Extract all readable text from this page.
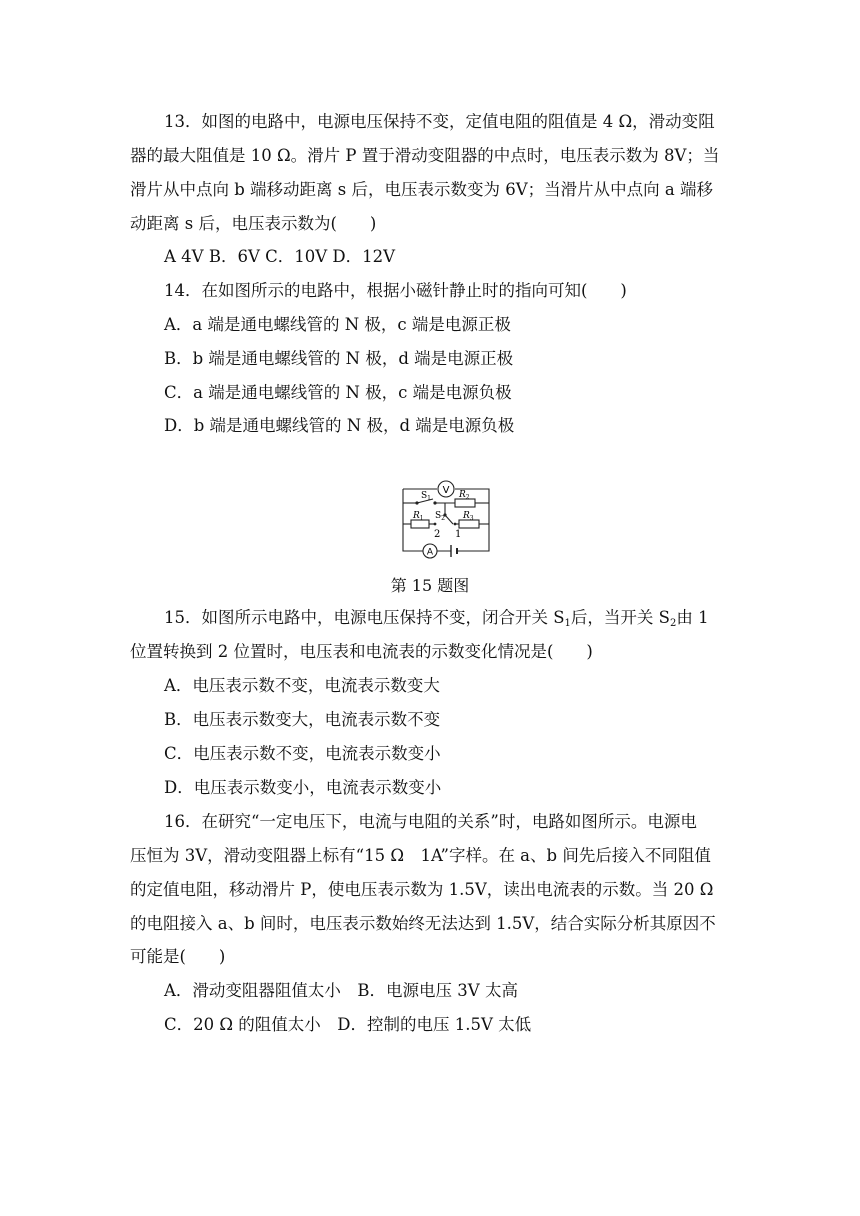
13．如图的电路中，电源电压保持不变，定值电阻的阻值是 4 Ω，滑动变阻
器的最大阻值是 10 Ω。滑片 P 置于滑动变阻器的中点时，电压表示数为 8V；当
滑片从中点向 b 端移动距离 s 后，电压表示数变为 6V；当滑片从中点向 a 端移
动距离 s 后，电压表示数为(　　)
A 4V B．6V C．10V D．12V
14．在如图所示的电路中，根据小磁针静止时的指向可知(　　)
A．a 端是通电螺线管的 N 极，c 端是电源正极
B．b 端是通电螺线管的 N 极，d 端是电源正极
C．a 端是通电螺线管的 N 极，c 端是电源负极
D．b 端是通电螺线管的 N 极，d 端是电源负极
V
A
$S_1$	$R_2$
$R_1$ $S_2$ $R_3$
2 1
第 15 题图
15．如图所示电路中，电源电压保持不变，闭合开关 $S_1$后，当开关 $S_2$由 1
位置转换到 2 位置时，电压表和电流表的示数变化情况是(　　)
A．电压表示数不变，电流表示数变大
B．电压表示数变大，电流表示数不变
C．电压表示数不变，电流表示数变小
D．电压表示数变小，电流表示数变小
16．在研究“一定电压下，电流与电阻的关系”时，电路如图所示。电源电
压恒为 3V，滑动变阻器上标有“15 Ω　1A”字样。在 a、b 间先后接入不同阻值
的定值电阻，移动滑片 P，使电压表示数为 1.5V，读出电流表的示数。当 20 Ω
的电阻接入 a、b 间时，电压表示数始终无法达到 1.5V，结合实际分析其原因不
可能是(　　)
A．滑动变阻器阻值太小　B．电源电压 3V 太高
C．20 Ω 的阻值太小　D．控制的电压 1.5V 太低
